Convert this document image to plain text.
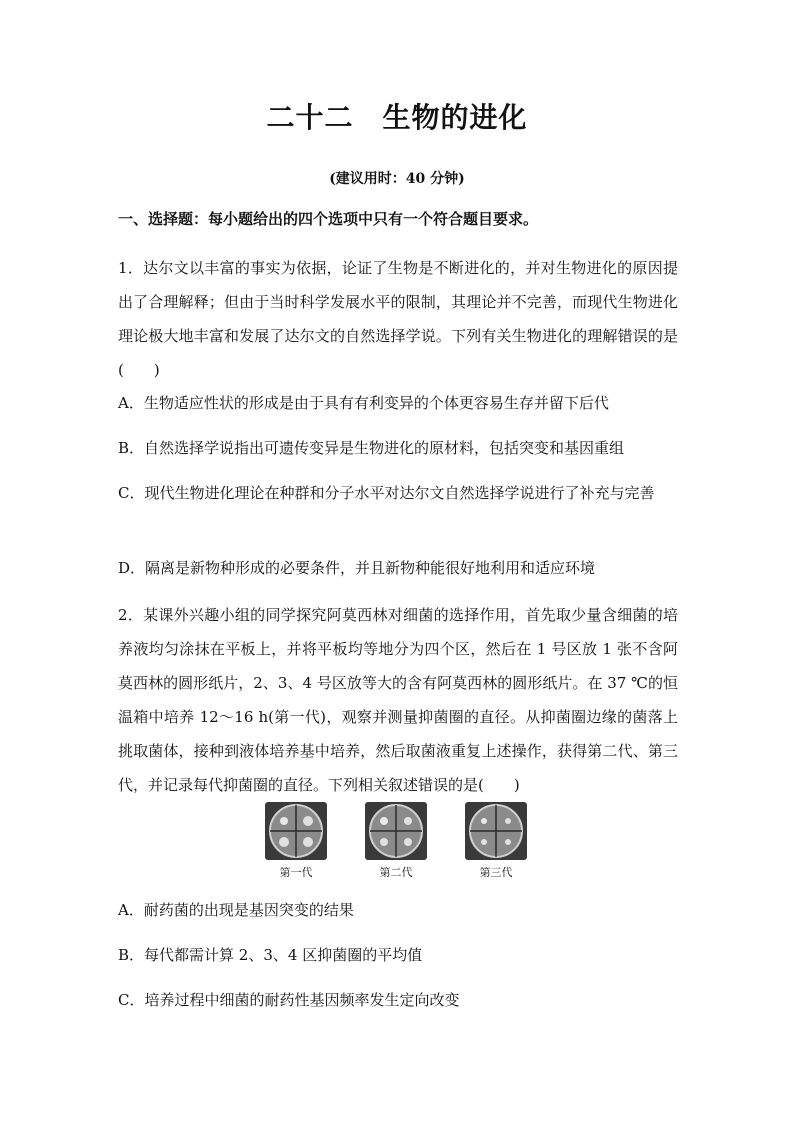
二十二　生物的进化
(建议用时：40 分钟)
一、选择题：每小题给出的四个选项中只有一个符合题目要求。
1．达尔文以丰富的事实为依据，论证了生物是不断进化的，并对生物进化的原因提出了合理解释；但由于当时科学发展水平的限制，其理论并不完善，而现代生物进化理论极大地丰富和发展了达尔文的自然选择学说。下列有关生物进化的理解错误的是(　　)
A．生物适应性状的形成是由于具有有利变异的个体更容易生存并留下后代
B．自然选择学说指出可遗传变异是生物进化的原材料，包括突变和基因重组
C．现代生物进化理论在种群和分子水平对达尔文自然选择学说进行了补充与完善
D．隔离是新物种形成的必要条件，并且新物种能很好地利用和适应环境
2．某课外兴趣小组的同学探究阿莫西林对细菌的选择作用，首先取少量含细菌的培养液均匀涂抹在平板上，并将平板均等地分为四个区，然后在 1 号区放 1 张不含阿莫西林的圆形纸片，2、3、4 号区放等大的含有阿莫西林的圆形纸片。在 37 ℃的恒温箱中培养 12～16 h(第一代)，观察并测量抑菌圈的直径。从抑菌圈边缘的菌落上挑取菌体，接种到液体培养基中培养，然后取菌液重复上述操作，获得第二代、第三代，并记录每代抑菌圈的直径。下列相关叙述错误的是(　　)
第一代	第二代	第三代
A．耐药菌的出现是基因突变的结果
B．每代都需计算 2、3、4 区抑菌圈的平均值
C．培养过程中细菌的耐药性基因频率发生定向改变
